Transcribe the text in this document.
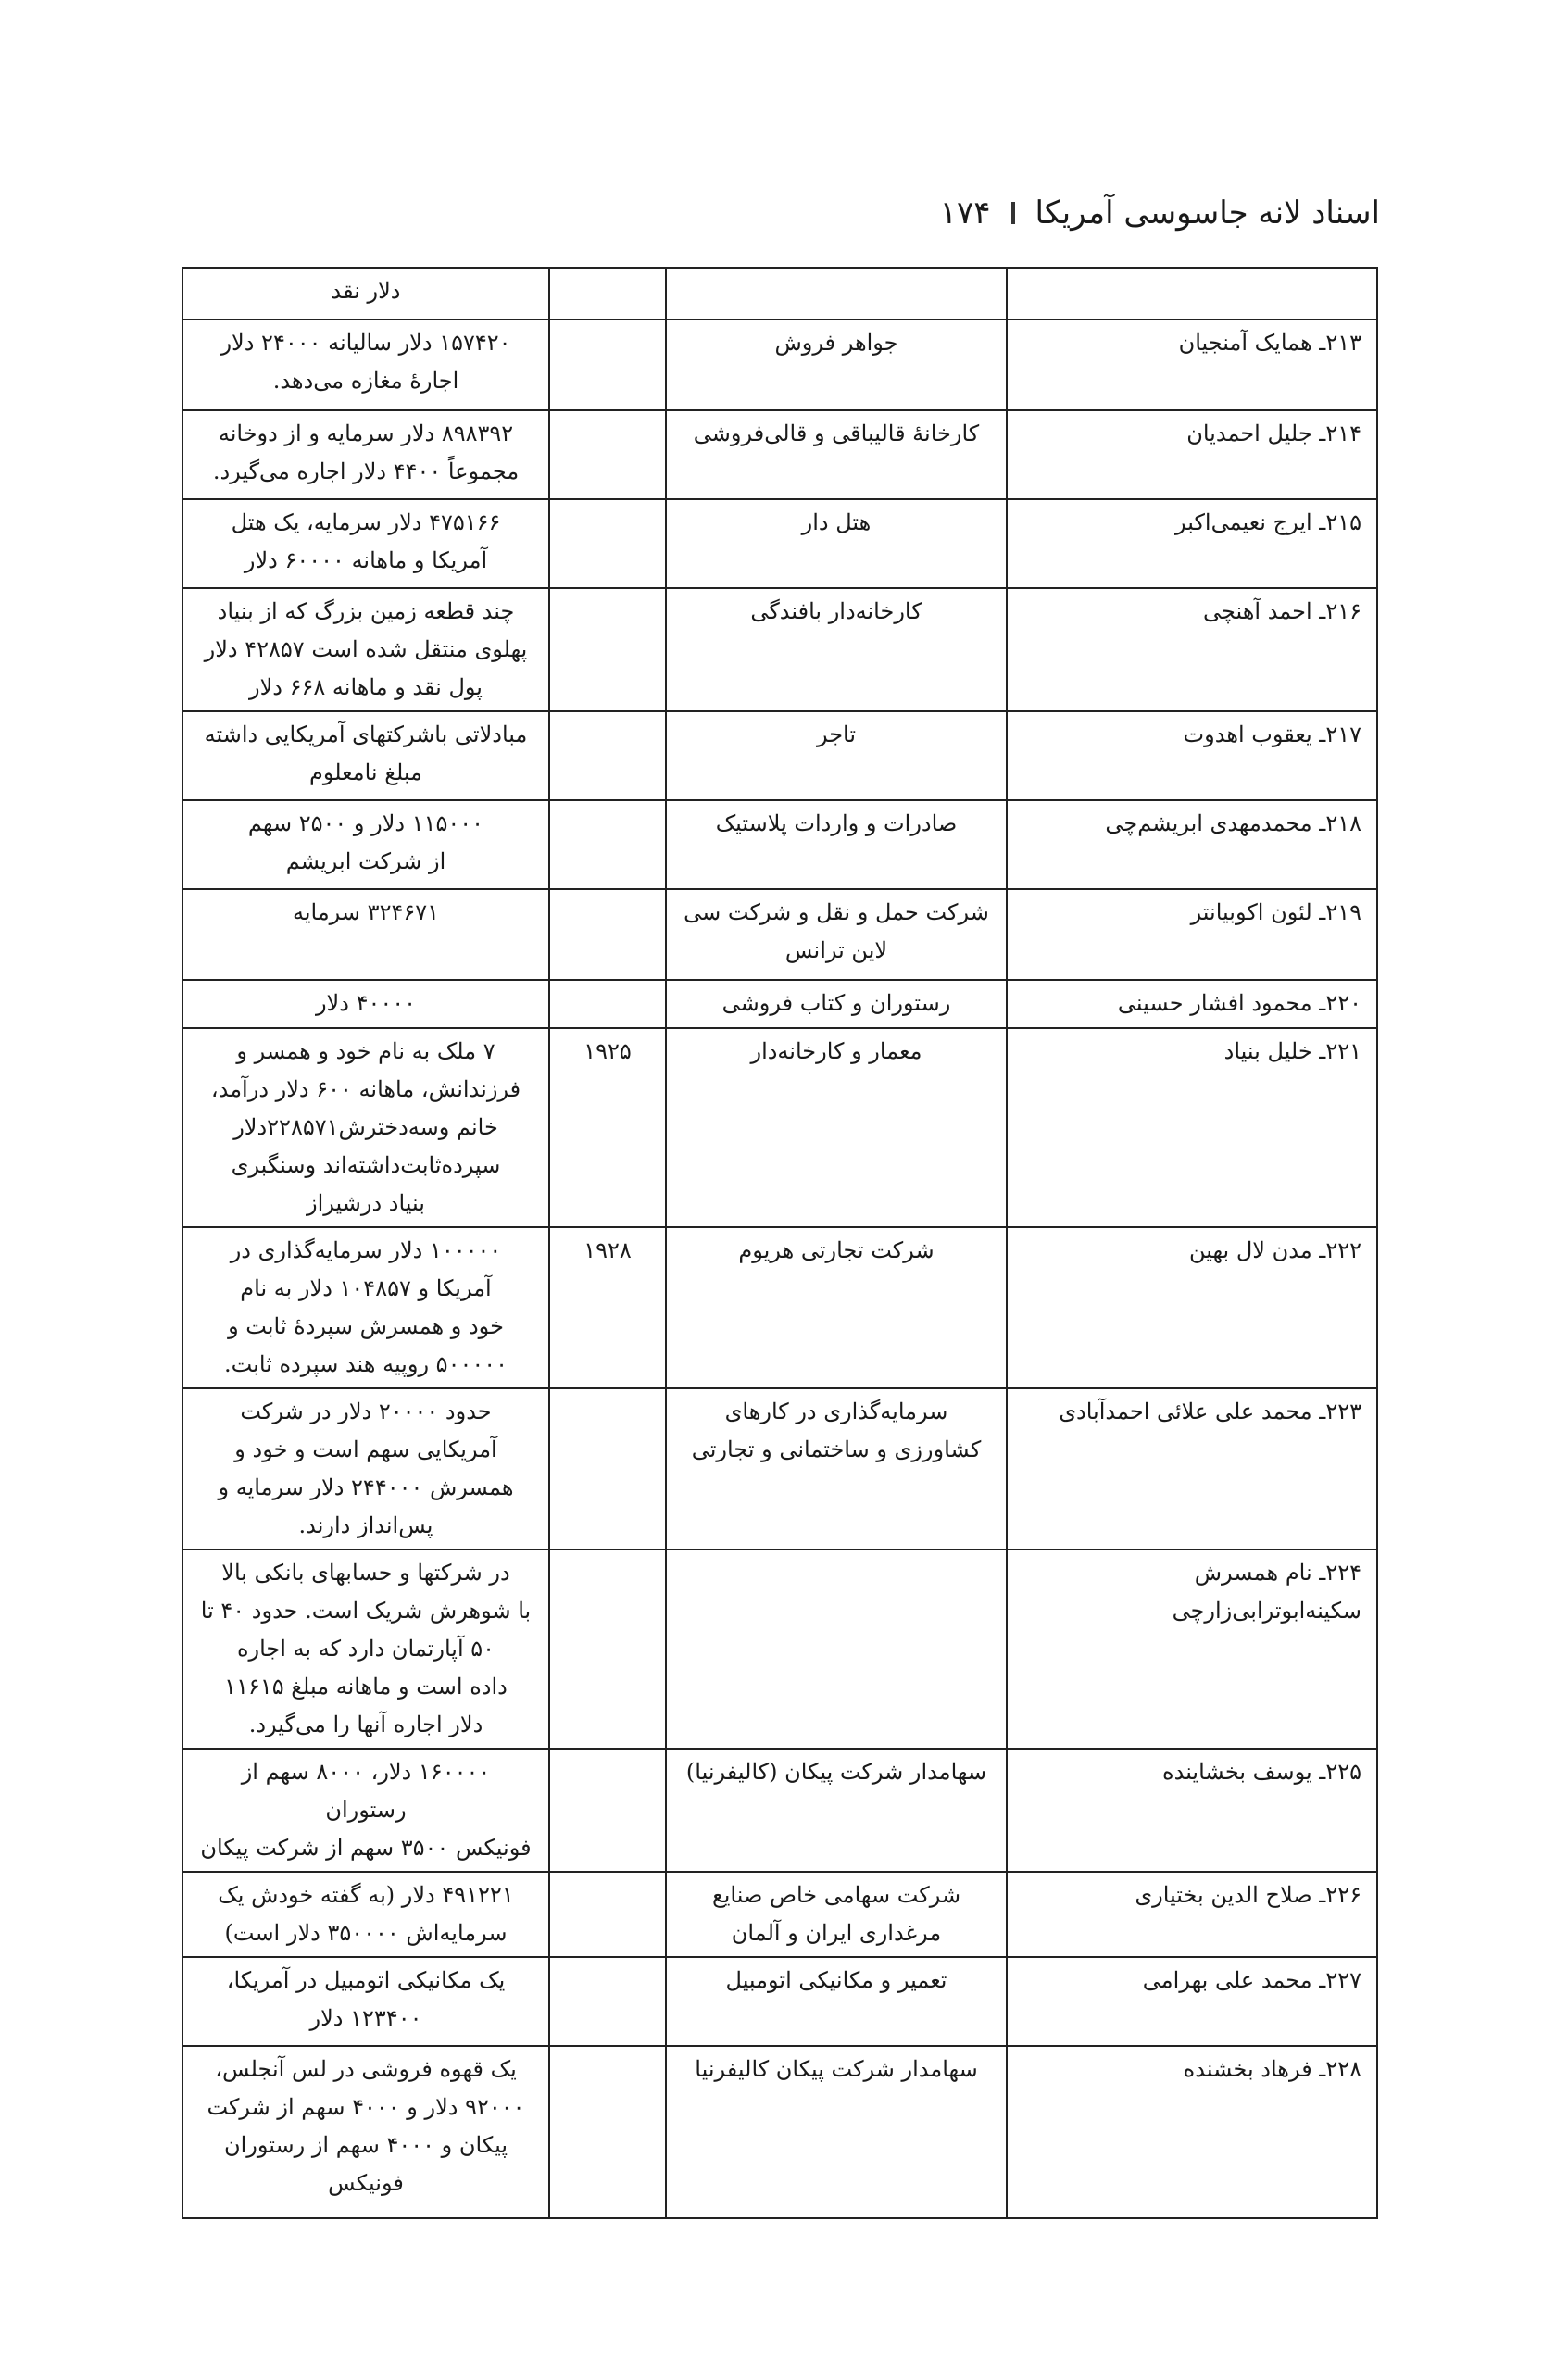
اسناد لانه جاسوسی آمریکا
۱۷۴
			دلار نقد
۲۱۳ـ همایک آمنجیان	جواهر فروش		۱۵۷۴۲۰ دلار سالیانه ۲۴۰۰۰ دلار
اجارهٔ مغازه می‌دهد.

۲۱۴ـ جلیل احمدیان	کارخانهٔ قالیباقی و قالی‌فروشی		۸۹۸۳۹۲ دلار سرمایه و از دوخانه
مجموعاً ۴۴۰۰ دلار اجاره می‌گیرد.

۲۱۵ـ ایرج نعیمی‌اکبر	هتل دار		۴۷۵۱۶۶ دلار سرمایه، یک هتل
آمریکا و ماهانه ۶۰۰۰۰ دلار

۲۱۶ـ احمد آهنچی	کارخانه‌دار بافندگی		چند قطعه زمین بزرگ که از بنیاد
پهلوی منتقل شده است ۴۲۸۵۷ دلار
پول نقد و ماهانه ۶۶۸ دلار

۲۱۷ـ یعقوب اهدوت	تاجر		مبادلاتی باشرکتهای آمریکایی داشته
مبلغ نامعلوم

۲۱۸ـ محمدمهدی ابریشم‌چی	صادرات و واردات پلاستیک		۱۱۵۰۰۰ دلار و ۲۵۰۰ سهم
از شرکت ابریشم

۲۱۹ـ لئون اکوبیانتر	شرکت حمل و نقل و شرکت سی
لاین ترانس		۳۲۴۶۷۱ سرمایه

۲۲۰ـ محمود افشار حسینی	رستوران و کتاب فروشی		۴۰۰۰۰ دلار

۲۲۱ـ خلیل بنیاد	معمار و کارخانه‌دار	۱۹۲۵	۷ ملک به نام خود و همسر و
فرزندانش، ماهانه ۶۰۰ دلار درآمد،
خانم وسه‌دخترش۲۲۸۵۷۱دلار
سپرده‌ثابت‌داشته‌اند وسنگبری
بنیاد درشیراز

۲۲۲ـ مدن لال بهین	شرکت تجارتی هریوم	۱۹۲۸	۱۰۰۰۰۰ دلار سرمایه‌گذاری در
آمریکا و ۱۰۴۸۵۷ دلار به نام
خود و همسرش سپردهٔ ثابت و
۵۰۰۰۰۰ روپیه هند سپرده ثابت.

۲۲۳ـ محمد علی علائی احمدآبادی	سرمایه‌گذاری در کارهای
کشاورزی و ساختمانی و تجارتی		حدود ۲۰۰۰۰ دلار در شرکت
آمریکایی سهم است و خود و
همسرش ۲۴۴۰۰۰ دلار سرمایه و
پس‌انداز دارند.

۲۲۴ـ نام همسرش سکینه‌ابوترابی‌زارچی			در شرکتها و حسابهای بانکی بالا
با شوهرش شریک است. حدود ۴۰ تا
۵۰ آپارتمان دارد که به اجاره
داده است و ماهانه مبلغ ۱۱۶۱۵
دلار اجاره آنها را می‌گیرد.

۲۲۵ـ یوسف بخشاینده	سهامدار شرکت پیکان (کالیفرنیا)		۱۶۰۰۰۰ دلار، ۸۰۰۰ سهم از
رستوران
فونیکس ۳۵۰۰ سهم از شرکت پیکان

۲۲۶ـ صلاح الدین بختیاری	شرکت سهامی خاص صنایع
مرغداری ایران و آلمان		۴۹۱۲۲۱ دلار (به گفته خودش یک
سرمایه‌اش ۳۵۰۰۰۰ دلار است)

۲۲۷ـ محمد علی بهرامی	تعمیر و مکانیکی اتومبیل		یک مکانیکی اتومبیل در آمریکا،
۱۲۳۴۰۰ دلار

۲۲۸ـ فرهاد بخشنده	سهامدار شرکت پیکان کالیفرنیا		یک قهوه فروشی در لس آنجلس،
۹۲۰۰۰ دلار و ۴۰۰۰ سهم از شرکت
پیکان و ۴۰۰۰ سهم از رستوران
فونیکس
